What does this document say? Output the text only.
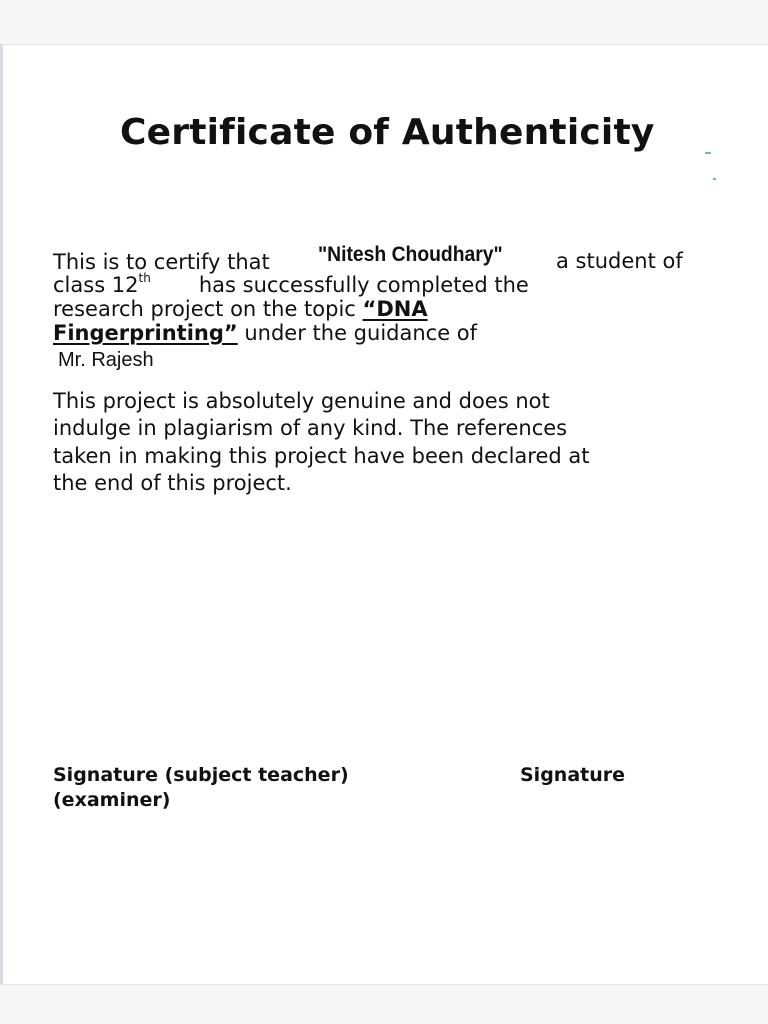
Certificate of Authenticity
This is to certify that "Nitesh Choudhary"	a student of
class 12th has successfully completed the
research project on the topic “DNA
Fingerprinting” under the guidance of
Mr. Rajesh
This project is absolutely genuine and does not
indulge in plagiarism of any kind. The references
taken in making this project have been declared at
the end of this project.
Signature (subject teacher)	Signature
(examiner)
